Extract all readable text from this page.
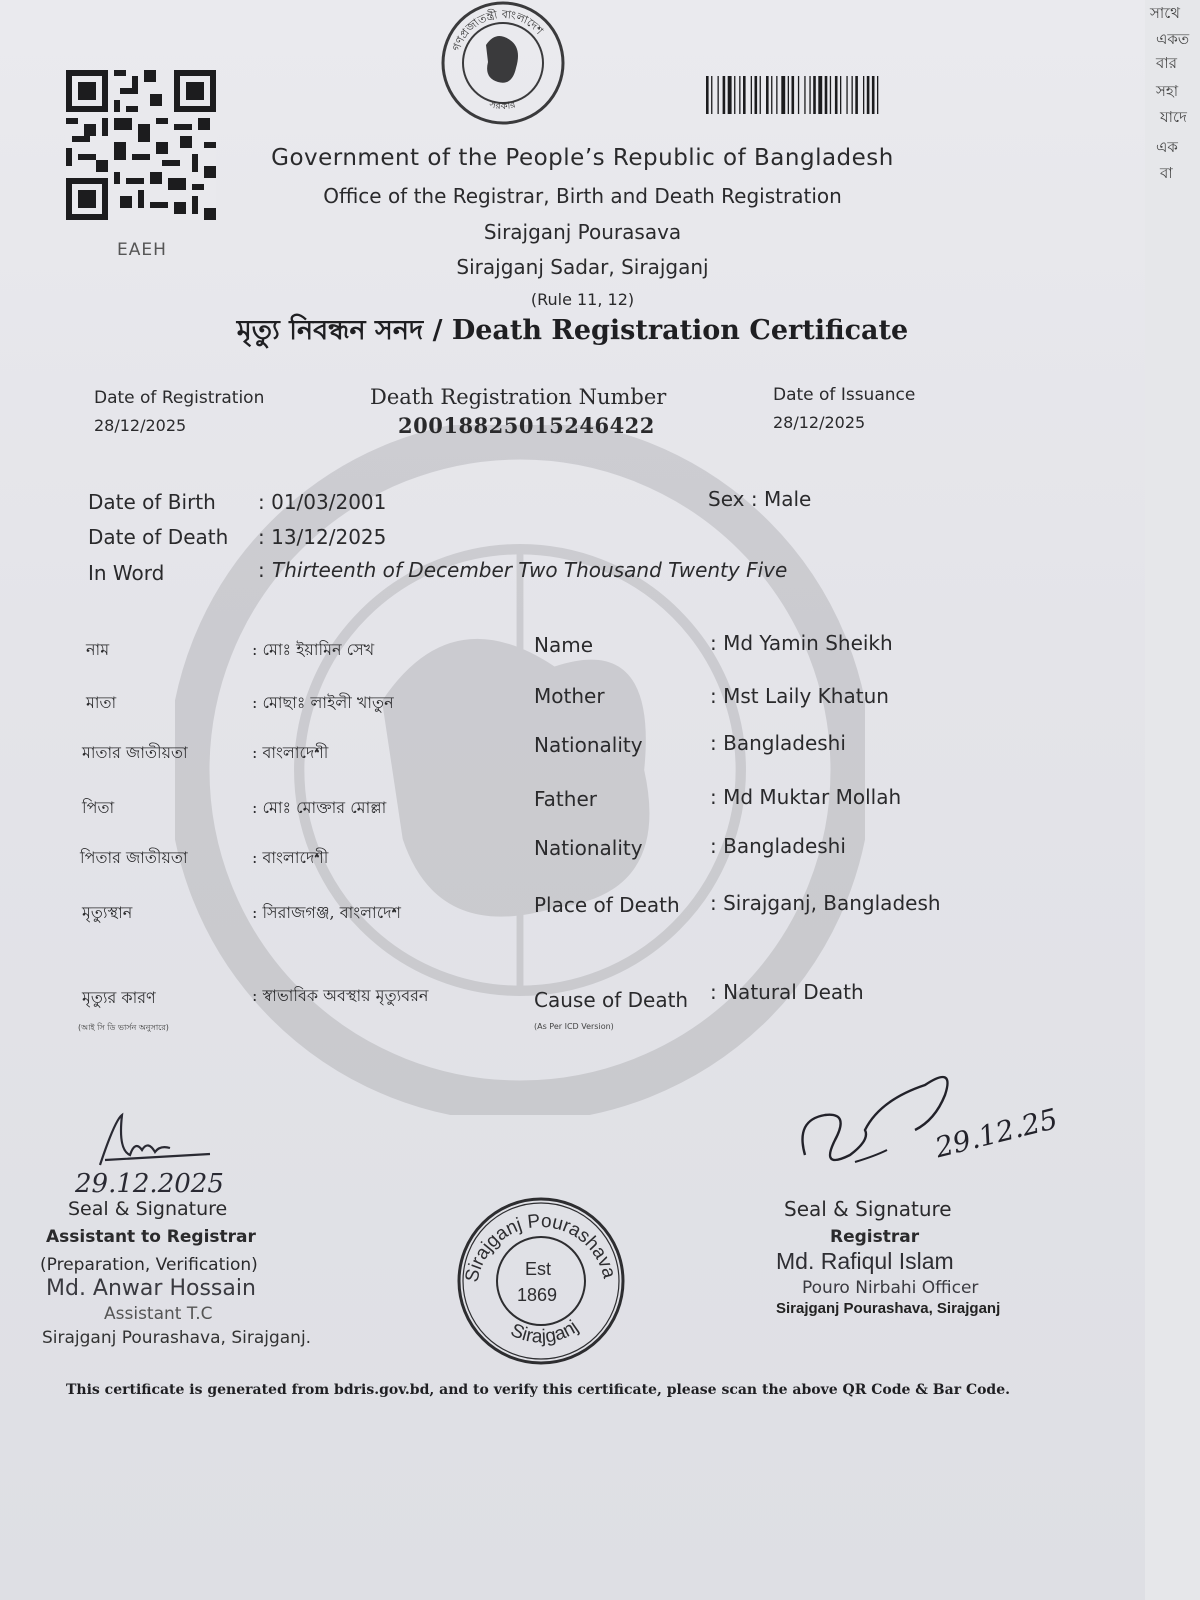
সাথে
একত
বার
সহা
যাদে
এক
বা
EAEH
গণপ্রজাতন্ত্রী বাংলাদেশ
সরকার
Government of the People’s Republic of Bangladesh
Office of the Registrar, Birth and Death Registration
Sirajganj Pourasava
Sirajganj Sadar, Sirajganj
(Rule 11, 12)
মৃত্যু নিবন্ধন সনদ / Death Registration Certificate
Date of Registration
28/12/2025
Death Registration Number
20018825015246422
Date of Issuance
28/12/2025
Date of Birth : 01/03/2001	Sex : Male
Date of Death : 13/12/2025
In Word	: Thirteenth of December Two Thousand Twenty Five
নাম	: মোঃ ইয়ামিন সেখ
মাতা	: মোছাঃ লাইলী খাতুন
মাতার জাতীয়তা	: বাংলাদেশী
পিতা	: মোঃ মোক্তার মোল্লা
পিতার জাতীয়তা	: বাংলাদেশী
মৃত্যুস্থান	: সিরাজগঞ্জ, বাংলাদেশ
মৃত্যুর কারণ	: স্বাভাবিক অবস্থায় মৃত্যুবরন
(আই সি ডি ভার্সন অনুসারে)
Name	: Md Yamin Sheikh
Mother	: Mst Laily Khatun
Nationality	: Bangladeshi
Father	: Md Muktar Mollah
Nationality	: Bangladeshi
Place of Death : Sirajganj, Bangladesh
Cause of Death : Natural Death
(As Per ICD Version)
29.12.2025
Seal & Signature
Assistant to Registrar
(Preparation, Verification)
Md. Anwar Hossain
Assistant T.C
Sirajganj Pourashava, Sirajganj.
Sirajganj Pourashava
Sirajganj
Est
1869
29.12.25
Seal & Signature
Registrar
Md. Rafiqul Islam
Pouro Nirbahi Officer
Sirajganj Pourashava, Sirajganj
This certificate is generated from bdris.gov.bd, and to verify this certificate, please scan the above QR Code & Bar Code.
